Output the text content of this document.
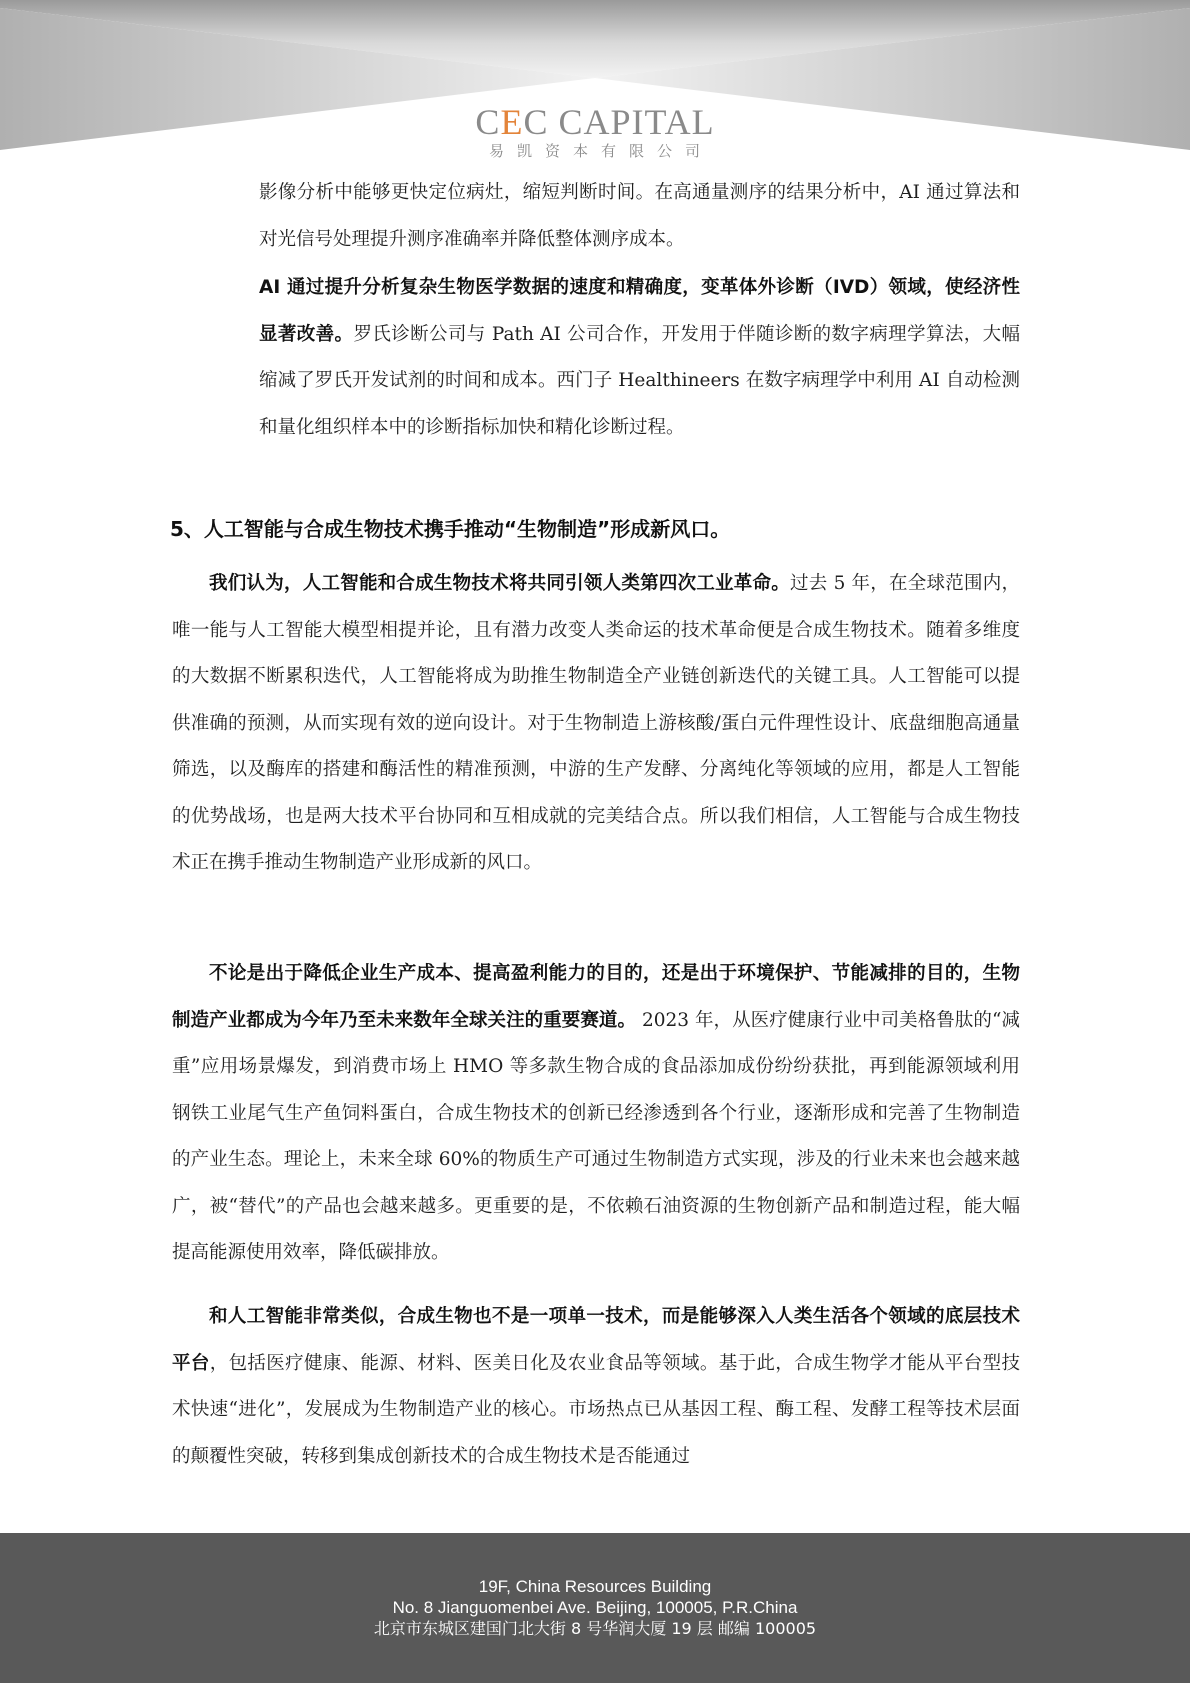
CEC CAPITAL
易凯资本有限公司

影像分析中能够更快定位病灶，缩短判断时间。在高通量测序的结果分析中，AI 通过算法和对光信号处理提升测序准确率并降低整体测序成本。

AI 通过提升分析复杂生物医学数据的速度和精确度，变革体外诊断（IVD）领域，使经济性显著改善。罗氏诊断公司与 Path AI 公司合作，开发用于伴随诊断的数字病理学算法，大幅缩减了罗氏开发试剂的时间和成本。西门子 Healthineers 在数字病理学中利用 AI 自动检测和量化组织样本中的诊断指标加快和精化诊断过程。

5、人工智能与合成生物技术携手推动“生物制造”形成新风口。

我们认为，人工智能和合成生物技术将共同引领人类第四次工业革命。过去 5 年，在全球范围内，唯一能与人工智能大模型相提并论，且有潜力改变人类命运的技术革命便是合成生物技术。随着多维度的大数据不断累积迭代，人工智能将成为助推生物制造全产业链创新迭代的关键工具。人工智能可以提供准确的预测，从而实现有效的逆向设计。对于生物制造上游核酸/蛋白元件理性设计、底盘细胞高通量筛选，以及酶库的搭建和酶活性的精准预测，中游的生产发酵、分离纯化等领域的应用，都是人工智能的优势战场，也是两大技术平台协同和互相成就的完美结合点。所以我们相信，人工智能与合成生物技术正在携手推动生物制造产业形成新的风口。

不论是出于降低企业生产成本、提高盈利能力的目的，还是出于环境保护、节能减排的目的，生物制造产业都成为今年乃至未来数年全球关注的重要赛道。 2023 年，从医疗健康行业中司美格鲁肽的“减重”应用场景爆发，到消费市场上 HMO 等多款生物合成的食品添加成份纷纷获批，再到能源领域利用钢铁工业尾气生产鱼饲料蛋白，合成生物技术的创新已经渗透到各个行业，逐渐形成和完善了生物制造的产业生态。理论上，未来全球 60%的物质生产可通过生物制造方式实现，涉及的行业未来也会越来越广，被“替代”的产品也会越来越多。更重要的是，不依赖石油资源的生物创新产品和制造过程，能大幅提高能源使用效率，降低碳排放。

和人工智能非常类似，合成生物也不是一项单一技术，而是能够深入人类生活各个领域的底层技术平台，包括医疗健康、能源、材料、医美日化及农业食品等领域。基于此，合成生物学才能从平台型技术快速“进化”，发展成为生物制造产业的核心。市场热点已从基因工程、酶工程、发酵工程等技术层面的颠覆性突破，转移到集成创新技术的合成生物技术是否能通过

19F, China Resources Building
No. 8 Jianguomenbei Ave. Beijing, 100005, P.R.China
北京市东城区建国门北大街 8 号华润大厦 19 层 邮编 100005
